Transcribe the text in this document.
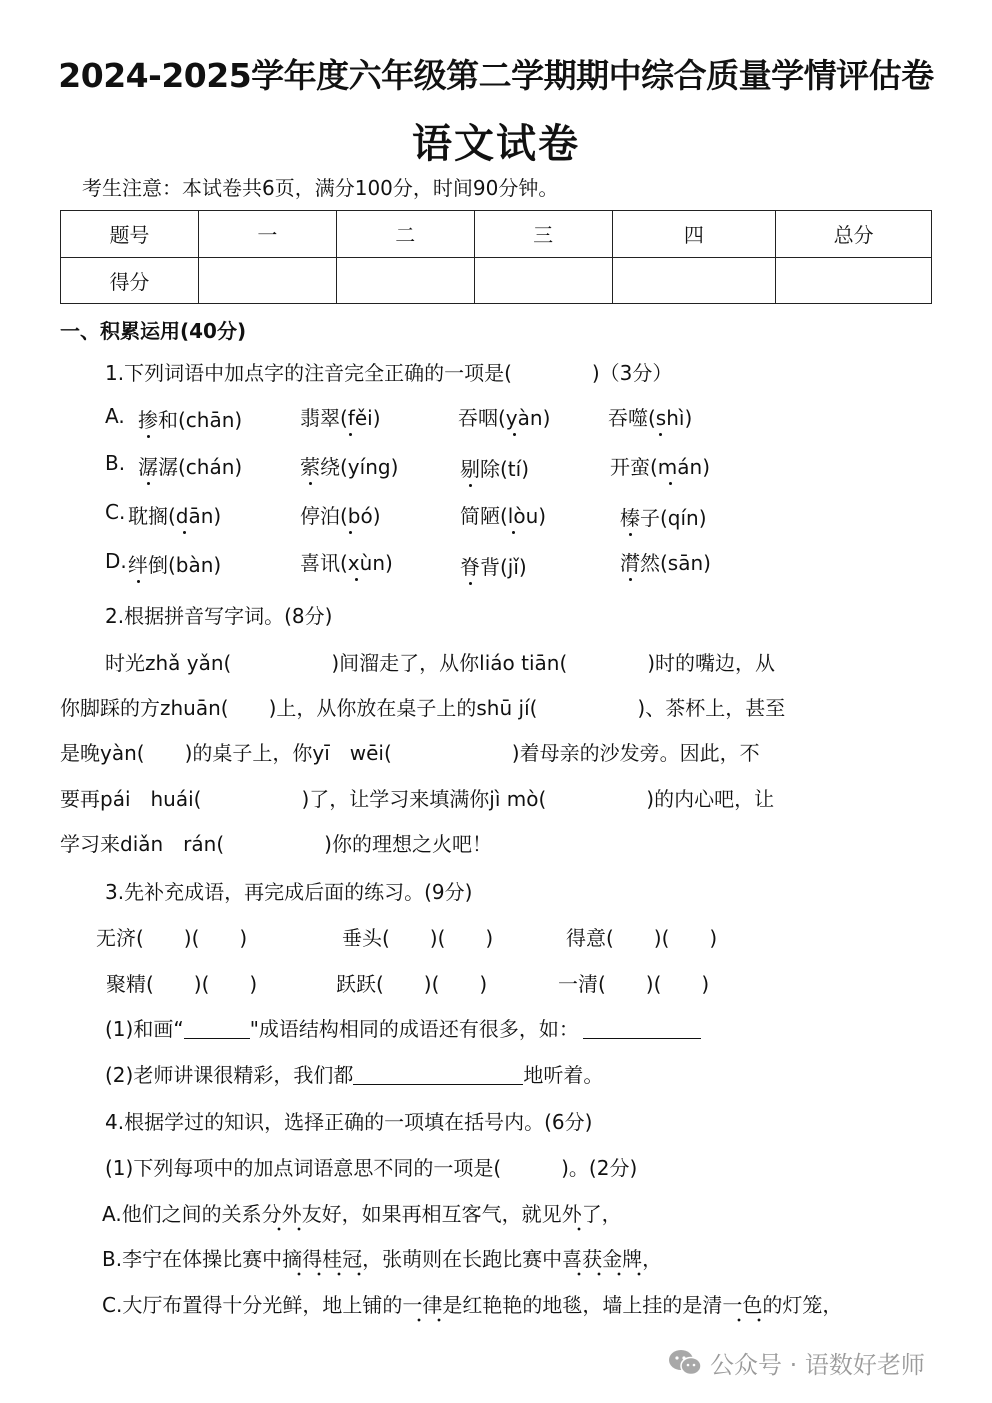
2024-2025学年度六年级第二学期期中综合质量学情评估卷
语文试卷
考生注意：本试卷共6页，满分100分，时间90分钟。
题号	一	二	三	四	总分
得分					
一、积累运用(40分)
1.下列词语中加点字的注音完全正确的一项是(　　　　)（3分）
A. 掺和(chān)	翡翠(fěi)	吞咽(yàn)	吞噬(shì)
B. 潺潺(chán)	萦绕(yíng)	剔除(tí)	开蛮(mán)
C. 耽搁(dān)	停泊(bó)	简陋(lòu)	榛子(qín)
D. 绊倒(bàn)	喜讯(xùn)	脊背(jǐ)	潸然(sān)
2.根据拼音写字词。(8分)
时光zhǎ yǎn(　　　　　)间溜走了，从你liáo tiān(　　　　)时的嘴边，从
你脚踩的方zhuān(　　)上，从你放在桌子上的shū jí(　　　　　)、茶杯上，甚至
是晚yàn(　　)的桌子上，你yī　wēi(　　　　　　)着母亲的沙发旁。因此，不
要再pái　huái(　　　　　)了，让学习来填满你jì mò(　　　　　)的内心吧，让
学习来diǎn　rán(　　　　　)你的理想之火吧！
3.先补充成语，再完成后面的练习。(9分)
无济(　　)(　　)	垂头(　　)(　　)	得意(　　)(　　)
聚精(　　)(　　)	跃跃(　　)(　　)	一清(　　)(　　)
(1)和画“	"成语结构相同的成语还有很多，如：
(2)老师讲课很精彩，我们都	地听着。
4.根据学过的知识，选择正确的一项填在括号内。(6分)
(1)下列每项中的加点词语意思不同的一项是(　　　)。(2分)
A.他们之间的关系分外友好，如果再相互客气，就见外了，
B.李宁在体操比赛中摘得桂冠，张萌则在长跑比赛中喜获金牌，
C.大厅布置得十分光鲜，地上铺的一律是红艳艳的地毯，墙上挂的是清一色的灯笼，
公众号 · 语数好老师
